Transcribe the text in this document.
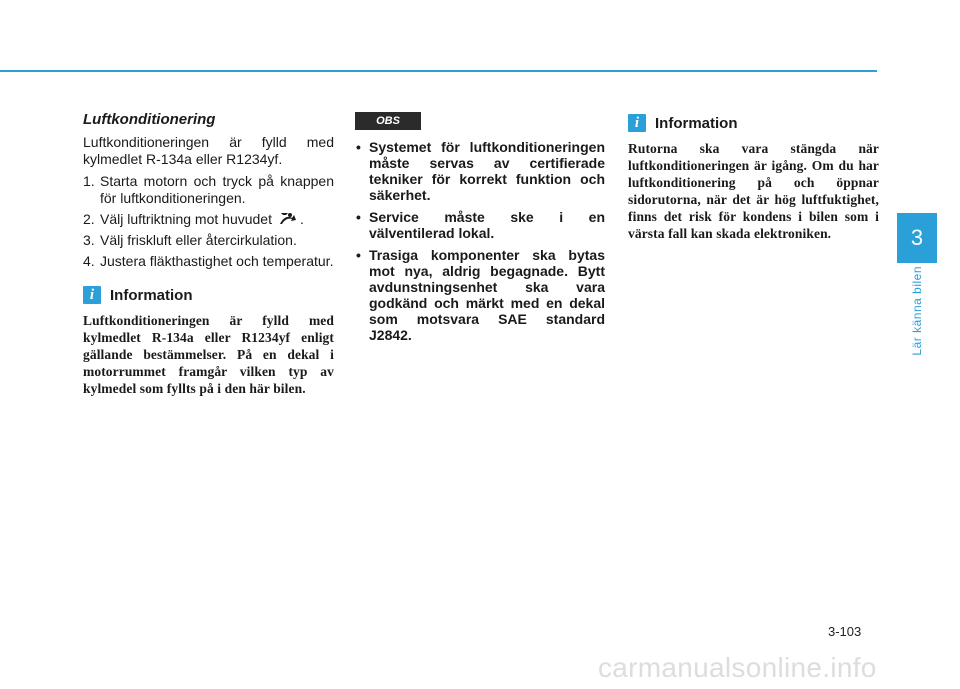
3
Lär känna bilen
Luftkonditionering

Luftkonditioneringen är fylld med kylmedlet R-134a eller R1234yf.

1. Starta motorn och tryck på knappen för luftkonditioneringen.
2. Välj luftriktning mot huvudet .
3. Välj friskluft eller återcirkulation.
4. Justera fläkthastighet och temperatur.
i	Information

Luftkonditioneringen är fylld med kylmedlet R-134a eller R1234yf enligt gällande bestämmelser. På en dekal i motorrummet framgår vilken typ av kylmedel som fyllts på i den här bilen.

OBS
• Systemet för luftkonditioneringen måste servas av certifierade tekniker för korrekt funktion och säkerhet.
• Service måste ske i en välventilerad lokal.
• Trasiga komponenter ska bytas mot nya, aldrig begagnade. Bytt avdunstningsenhet ska vara godkänd och märkt med en dekal som motsvara SAE standard J2842.
i	Information

Rutorna ska vara stängda när luftkonditioneringen är igång. Om du har luftkonditionering på och öppnar sidorutorna, när det är hög luftfuktighet, finns det risk för kondens i bilen som i värsta fall kan skada elektroniken.

3-103
carmanualsonline.info
